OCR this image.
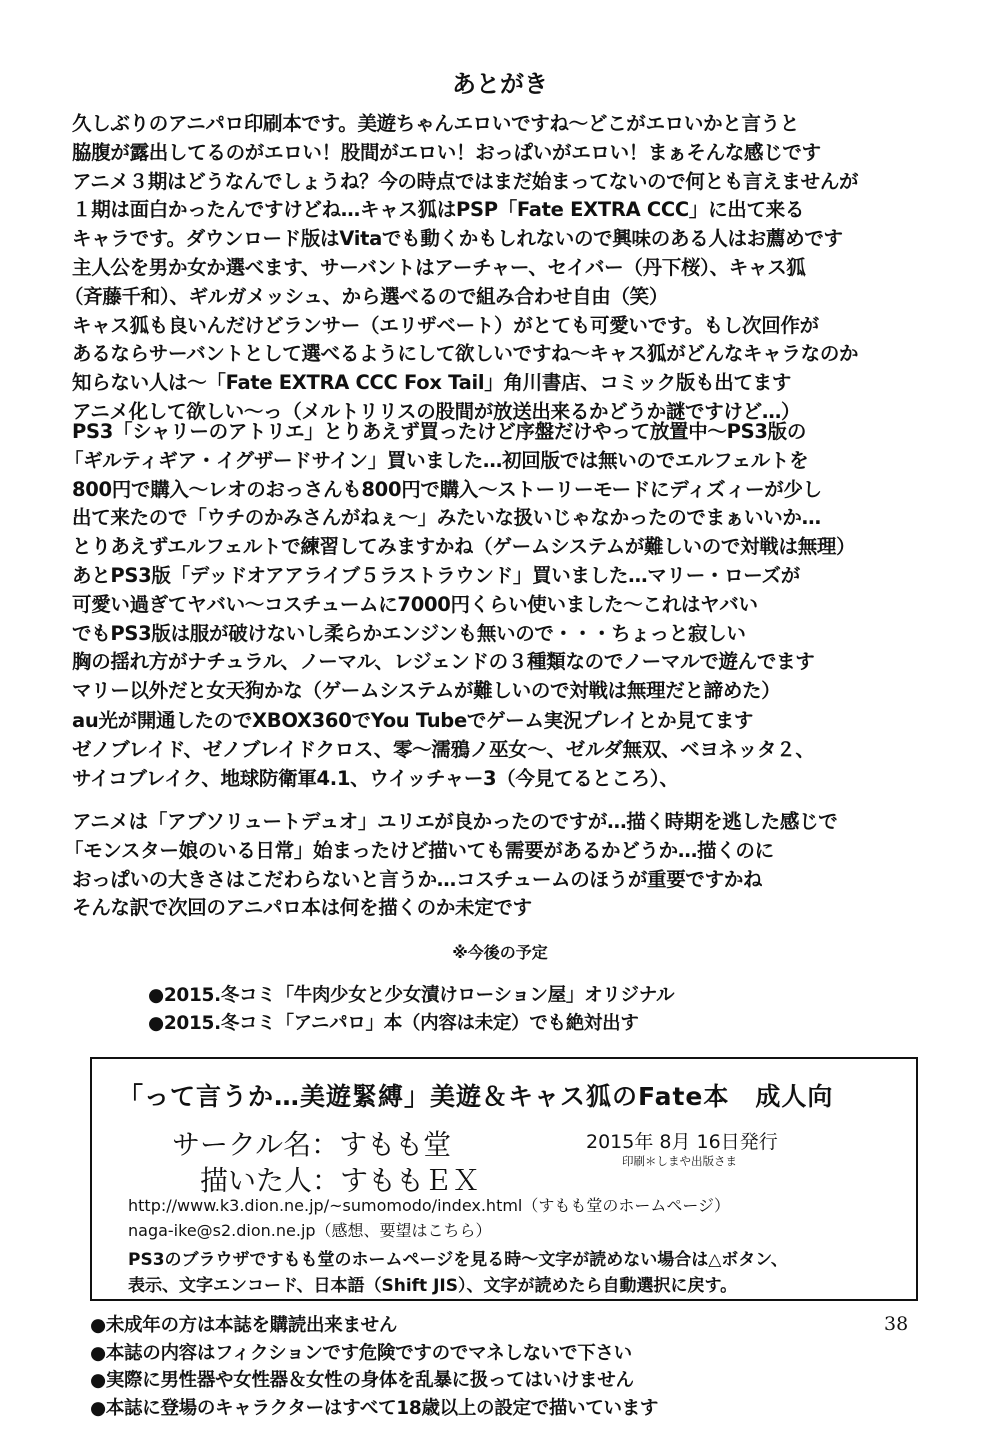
あとがき
久しぶりのアニパロ印刷本です。美遊ちゃんエロいですね～どこがエロいかと言うと
脇腹が露出してるのがエロい！股間がエロい！おっぱいがエロい！まぁそんな感じです
アニメ３期はどうなんでしょうね？今の時点ではまだ始まってないので何とも言えませんが
１期は面白かったんですけどね…キャス狐はPSP「Fate EXTRA CCC」に出て来る
キャラです。ダウンロード版はVitaでも動くかもしれないので興味のある人はお薦めです
主人公を男か女か選べます、サーバントはアーチャー、セイバー（丹下桜）、キャス狐
（斉藤千和）、ギルガメッシュ、から選べるので組み合わせ自由（笑）
キャス狐も良いんだけどランサー（エリザベート）がとても可愛いです。もし次回作が
あるならサーバントとして選べるようにして欲しいですね～キャス狐がどんなキャラなのか
知らない人は～「Fate EXTRA CCC Fox Tail」角川書店、コミック版も出てます
アニメ化して欲しい～っ（メルトリリスの股間が放送出来るかどうか謎ですけど…）
PS3「シャリーのアトリエ」とりあえず買ったけど序盤だけやって放置中～PS3版の
「ギルティギア・イグザードサイン」買いました…初回版では無いのでエルフェルトを
800円で購入～レオのおっさんも800円で購入～ストーリーモードにディズィーが少し
出て来たので「ウチのかみさんがねぇ～」みたいな扱いじゃなかったのでまぁいいか…
とりあえずエルフェルトで練習してみますかね（ゲームシステムが難しいので対戦は無理）
あとPS3版「デッドオアアライブ５ラストラウンド」買いました…マリー・ローズが
可愛い過ぎてヤバい～コスチュームに7000円くらい使いました～これはヤバい
でもPS3版は服が破けないし柔らかエンジンも無いので・・・ちょっと寂しい
胸の揺れ方がナチュラル、ノーマル、レジェンドの３種類なのでノーマルで遊んでます
マリー以外だと女天狗かな（ゲームシステムが難しいので対戦は無理だと諦めた）
au光が開通したのでXBOX360でYou Tubeでゲーム実況プレイとか見てます
ゼノブレイド、ゼノブレイドクロス、零～濡鴉ノ巫女～、ゼルダ無双、ベヨネッタ２、
サイコブレイク、地球防衛軍4.1、ウイッチャー3（今見てるところ）、
アニメは「アブソリュートデュオ」ユリエが良かったのですが…描く時期を逃した感じで
「モンスター娘のいる日常」始まったけど描いても需要があるかどうか…描くのに
おっぱいの大きさはこだわらないと言うか…コスチュームのほうが重要ですかね
そんな訳で次回のアニパロ本は何を描くのか未定です
※今後の予定
●2015.冬コミ「牛肉少女と少女漬けローション屋」オリジナル
●2015.冬コミ「アニパロ」本（内容は未定）でも絶対出す
「って言うか…美遊緊縛」美遊＆キャス狐のFate本　成人向
サークル名：すもも堂
描いた人：すももＥＸ
2015年 8月 16日発行
印刷＊しまや出版さま
http://www.k3.dion.ne.jp/~sumomodo/index.html（すもも堂のホームページ）
naga-ike@s2.dion.ne.jp（感想、要望はこちら）
PS3のブラウザですもも堂のホームページを見る時～文字が読めない場合は△ボタン、
表示、文字エンコード、日本語（Shift JIS）、文字が読めたら自動選択に戻す。
38
●未成年の方は本誌を購読出来ません
●本誌の内容はフィクションです危険ですのでマネしないで下さい
●実際に男性器や女性器＆女性の身体を乱暴に扱ってはいけません
●本誌に登場のキャラクターはすべて18歳以上の設定で描いています
